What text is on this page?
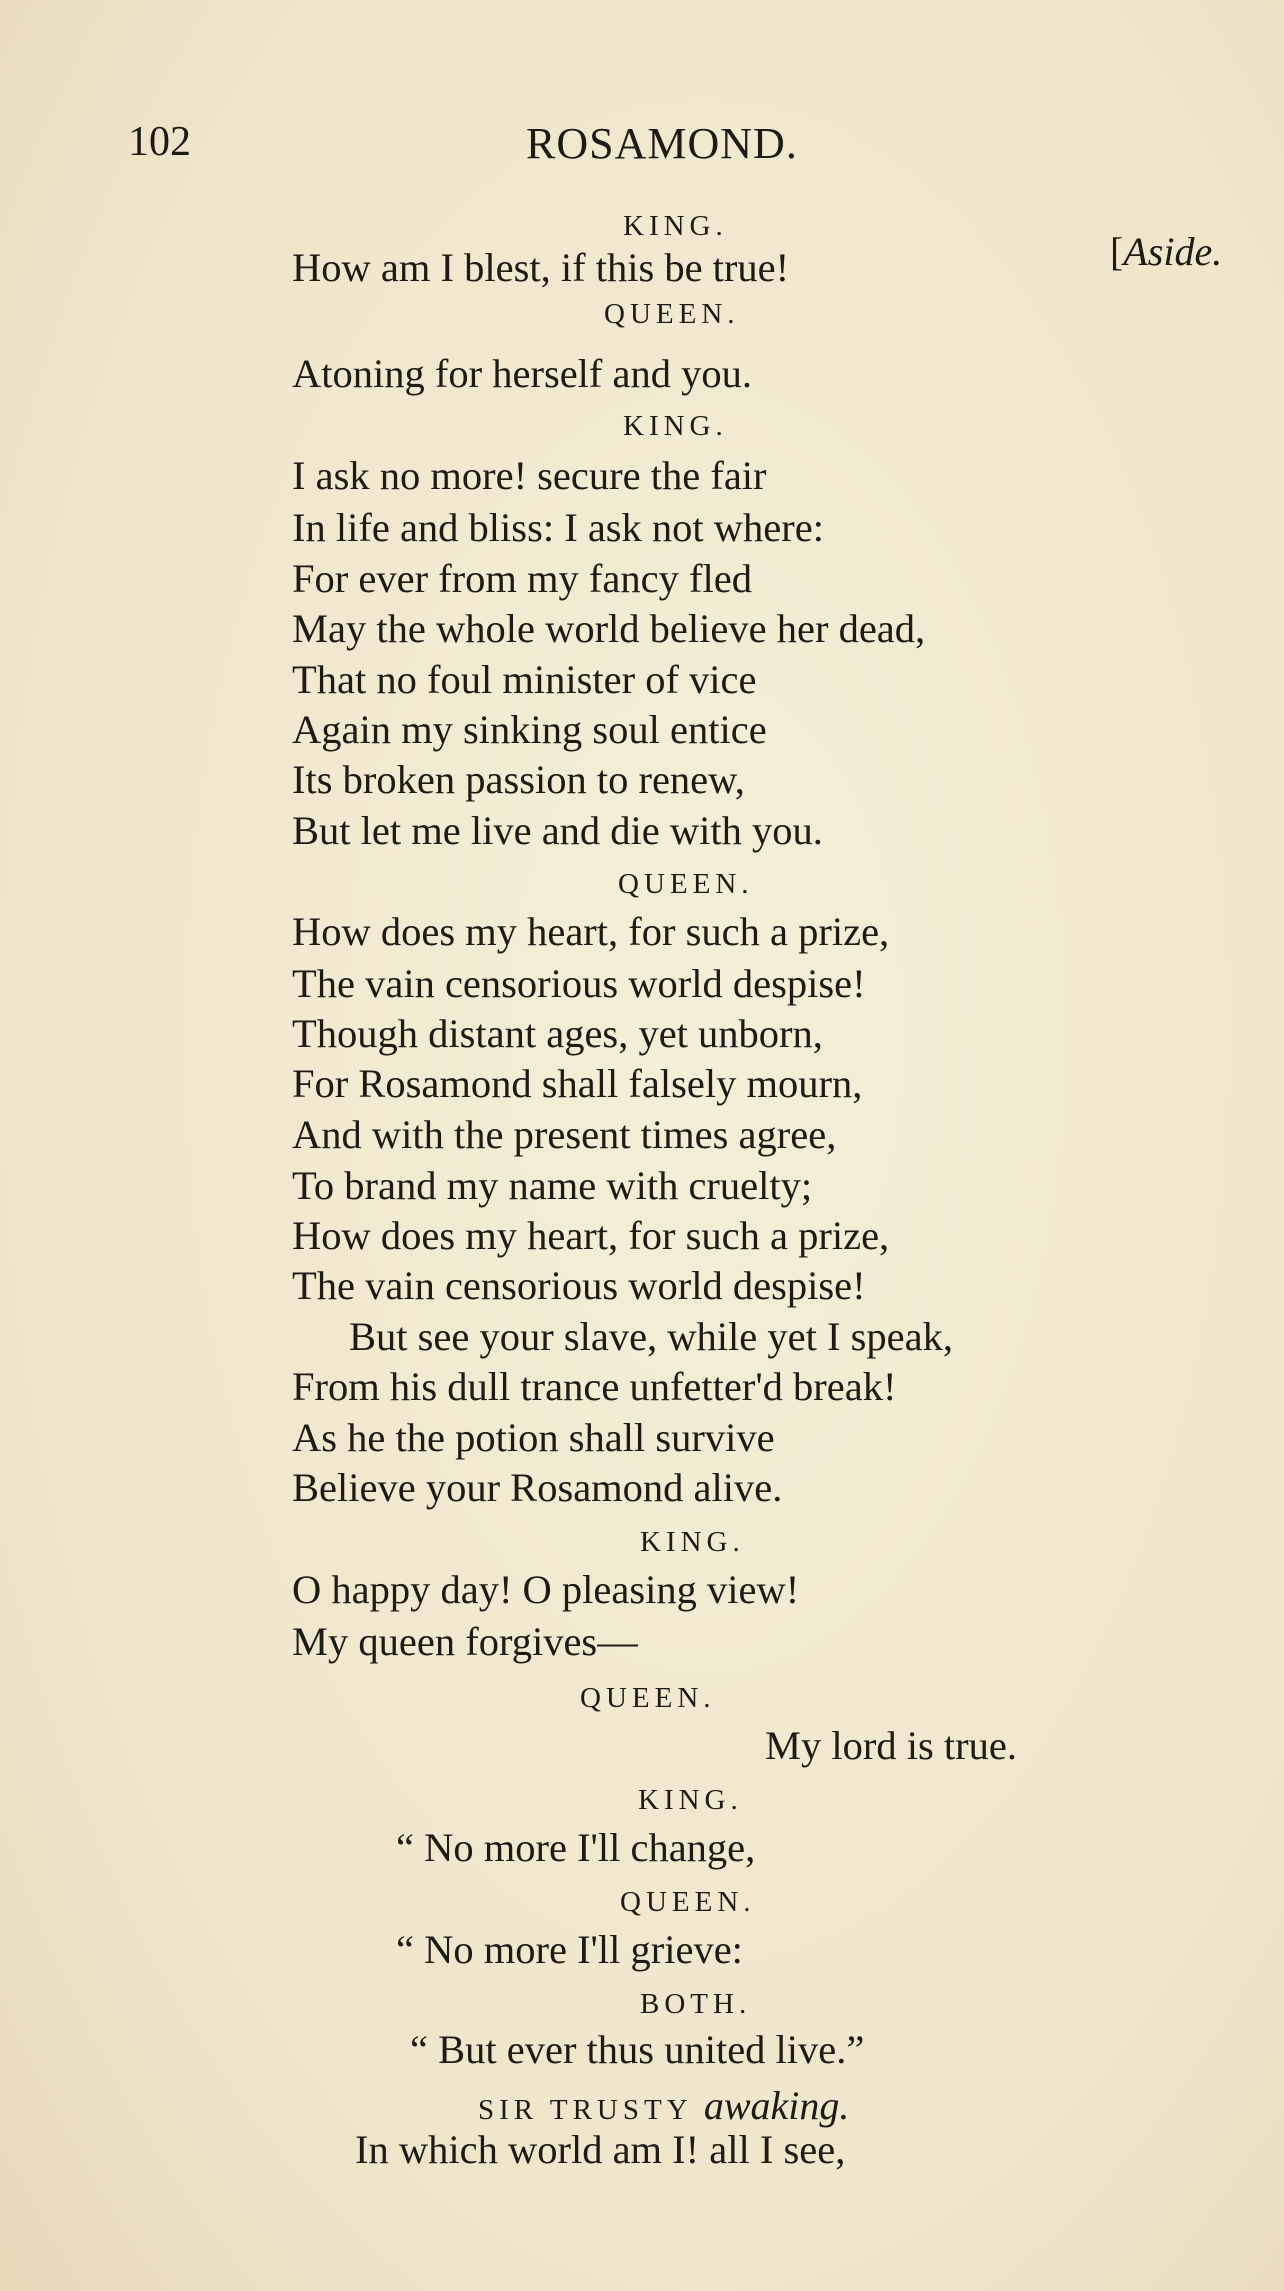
102	ROSAMOND.
[Aside.
KING.
How am I blest, if this be true!
QUEEN.
Atoning for herself and you.
KING.
I ask no more! secure the fair
In life and bliss: I ask not where:
For ever from my fancy fled
May the whole world believe her dead,
That no foul minister of vice
Again my sinking soul entice
Its broken passion to renew,
But let me live and die with you.
QUEEN.
How does my heart, for such a prize,
The vain censorious world despise!
Though distant ages, yet unborn,
For Rosamond shall falsely mourn,
And with the present times agree,
To brand my name with cruelty;
How does my heart, for such a prize,
The vain censorious world despise!
But see your slave, while yet I speak,
From his dull trance unfetter'd break!
As he the potion shall survive
Believe your Rosamond alive.
KING.
O happy day! O pleasing view!
My queen forgives—
QUEEN.
My lord is true.
KING.
“ No more I'll change,
QUEEN.
“ No more I'll grieve:
BOTH.
“ But ever thus united live.”
SIR TRUSTY awaking.
In which world am I! all I see,
